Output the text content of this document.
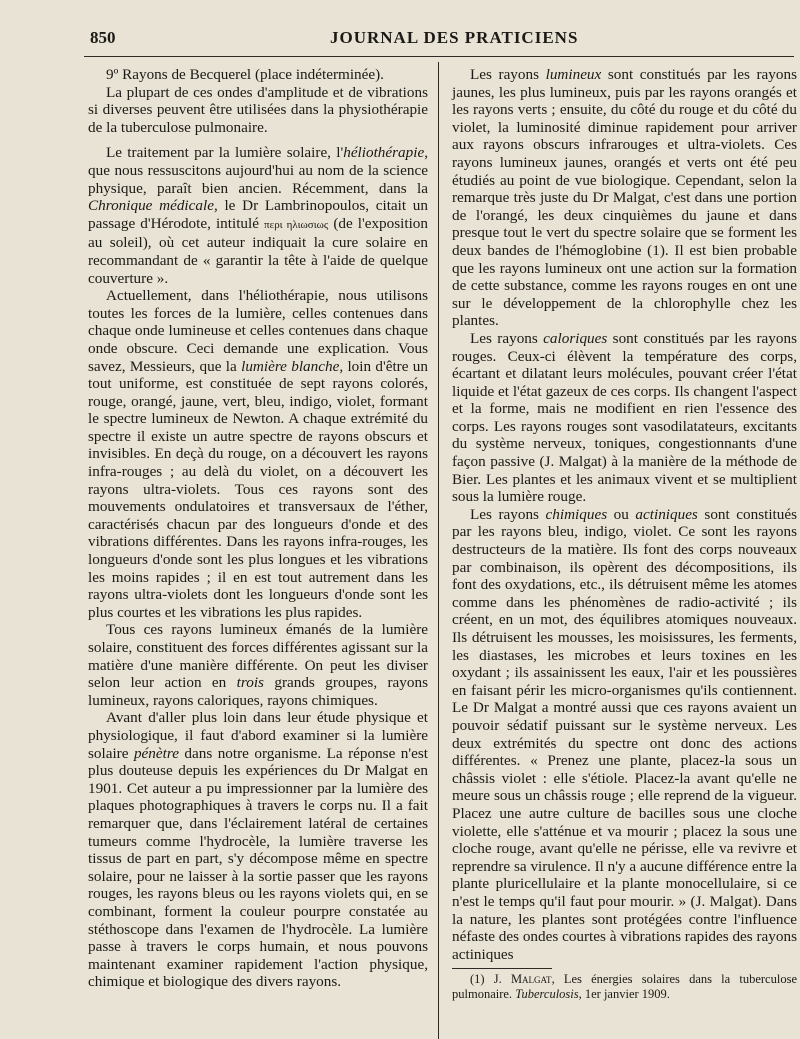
850	JOURNAL DES PRATICIENS

9º Rayons de Becquerel (place indéterminée).

La plupart de ces ondes d'amplitude et de vibrations si diverses peuvent être utilisées dans la physiothérapie de la tuberculose pulmonaire.

Le traitement par la lumière solaire, l'héliothérapie, que nous ressuscitons aujourd'hui au nom de la science physique, paraît bien ancien. Récemment, dans la Chronique médicale, le Dr Lambrinopoulos, citait un passage d'Hérodote, intitulé περι ηλιωσιως (de l'exposition au soleil), où cet auteur indiquait la cure solaire en recommandant de « garantir la tête à l'aide de quelque couverture ».

Actuellement, dans l'héliothérapie, nous utilisons toutes les forces de la lumière, celles contenues dans chaque onde lumineuse et celles contenues dans chaque onde obscure. Ceci demande une explication. Vous savez, Messieurs, que la lumière blanche, loin d'être un tout uniforme, est constituée de sept rayons colorés, rouge, orangé, jaune, vert, bleu, indigo, violet, formant le spectre lumineux de Newton. A chaque extrémité du spectre il existe un autre spectre de rayons obscurs et invisibles. En deçà du rouge, on a découvert les rayons infra-rouges ; au delà du violet, on a découvert les rayons ultra-violets. Tous ces rayons sont des mouvements ondulatoires et transversaux de l'éther, caractérisés chacun par des longueurs d'onde et des vibrations différentes. Dans les rayons infra-rouges, les longueurs d'onde sont les plus longues et les vibrations les moins rapides ; il en est tout autrement dans les rayons ultra-violets dont les longueurs d'onde sont les plus courtes et les vibrations les plus rapides.

Tous ces rayons lumineux émanés de la lumière solaire, constituent des forces différentes agissant sur la matière d'une manière différente. On peut les diviser selon leur action en trois grands groupes, rayons lumineux, rayons caloriques, rayons chimiques.

Avant d'aller plus loin dans leur étude physique et physiologique, il faut d'abord examiner si la lumière solaire pénètre dans notre organisme. La réponse n'est plus douteuse depuis les expériences du Dr Malgat en 1901. Cet auteur a pu impressionner par la lumière des plaques photographiques à travers le corps nu. Il a fait remarquer que, dans l'éclairement latéral de certaines tumeurs comme l'hydrocèle, la lumière traverse les tissus de part en part, s'y décompose même en spectre solaire, pour ne laisser à la sortie passer que les rayons rouges, les rayons bleus ou les rayons violets qui, en se combinant, forment la couleur pourpre constatée au stéthoscope dans l'examen de l'hydrocèle. La lumière passe à travers le corps humain, et nous pouvons maintenant examiner rapidement l'action physique, chimique et biologique des divers rayons.

Les rayons lumineux sont constitués par les rayons jaunes, les plus lumineux, puis par les rayons orangés et les rayons verts ; ensuite, du côté du rouge et du côté du violet, la luminosité diminue rapidement pour arriver aux rayons obscurs infrarouges et ultra-violets. Ces rayons lumineux jaunes, orangés et verts ont été peu étudiés au point de vue biologique. Cependant, selon la remarque très juste du Dr Malgat, c'est dans une portion de l'orangé, les deux cinquièmes du jaune et dans presque tout le vert du spectre solaire que se forment les deux bandes de l'hémoglobine (1). Il est bien probable que les rayons lumineux ont une action sur la formation de cette substance, comme les rayons rouges en ont une sur le développement de la chlorophylle chez les plantes.

Les rayons caloriques sont constitués par les rayons rouges. Ceux-ci élèvent la température des corps, écartant et dilatant leurs molécules, pouvant créer l'état liquide et l'état gazeux de ces corps. Ils changent l'aspect et la forme, mais ne modifient en rien l'essence des corps. Les rayons rouges sont vasodilatateurs, excitants du système nerveux, toniques, congestionnants d'une façon passive (J. Malgat) à la manière de la méthode de Bier. Les plantes et les animaux vivent et se multiplient sous la lumière rouge.

Les rayons chimiques ou actiniques sont constitués par les rayons bleu, indigo, violet. Ce sont les rayons destructeurs de la matière. Ils font des corps nouveaux par combinaison, ils opèrent des décompositions, ils font des oxydations, etc., ils détruisent même les atomes comme dans les phénomènes de radio-activité ; ils créent, en un mot, des équilibres atomiques nouveaux. Ils détruisent les mousses, les moisissures, les ferments, les diastases, les microbes et leurs toxines en les oxydant ; ils assainissent les eaux, l'air et les poussières en faisant périr les micro-organismes qu'ils contiennent. Le Dr Malgat a montré aussi que ces rayons avaient un pouvoir sédatif puissant sur le système nerveux. Les deux extrémités du spectre ont donc des actions différentes. « Prenez une plante, placez-la sous un châssis violet : elle s'étiole. Placez-la avant qu'elle ne meure sous un châssis rouge ; elle reprend de la vigueur. Placez une autre culture de bacilles sous une cloche violette, elle s'atténue et va mourir ; placez la sous une cloche rouge, avant qu'elle ne périsse, elle va revivre et reprendre sa virulence. Il n'y a aucune différence entre la plante pluricellulaire et la plante monocellulaire, si ce n'est le temps qu'il faut pour mourir. » (J. Malgat). Dans la nature, les plantes sont protégées contre l'influence néfaste des ondes courtes à vibrations rapides des rayons actiniques

(1) J. Malgat, Les énergies solaires dans la tuberculose pulmonaire. Tuberculosis, 1er janvier 1909.
